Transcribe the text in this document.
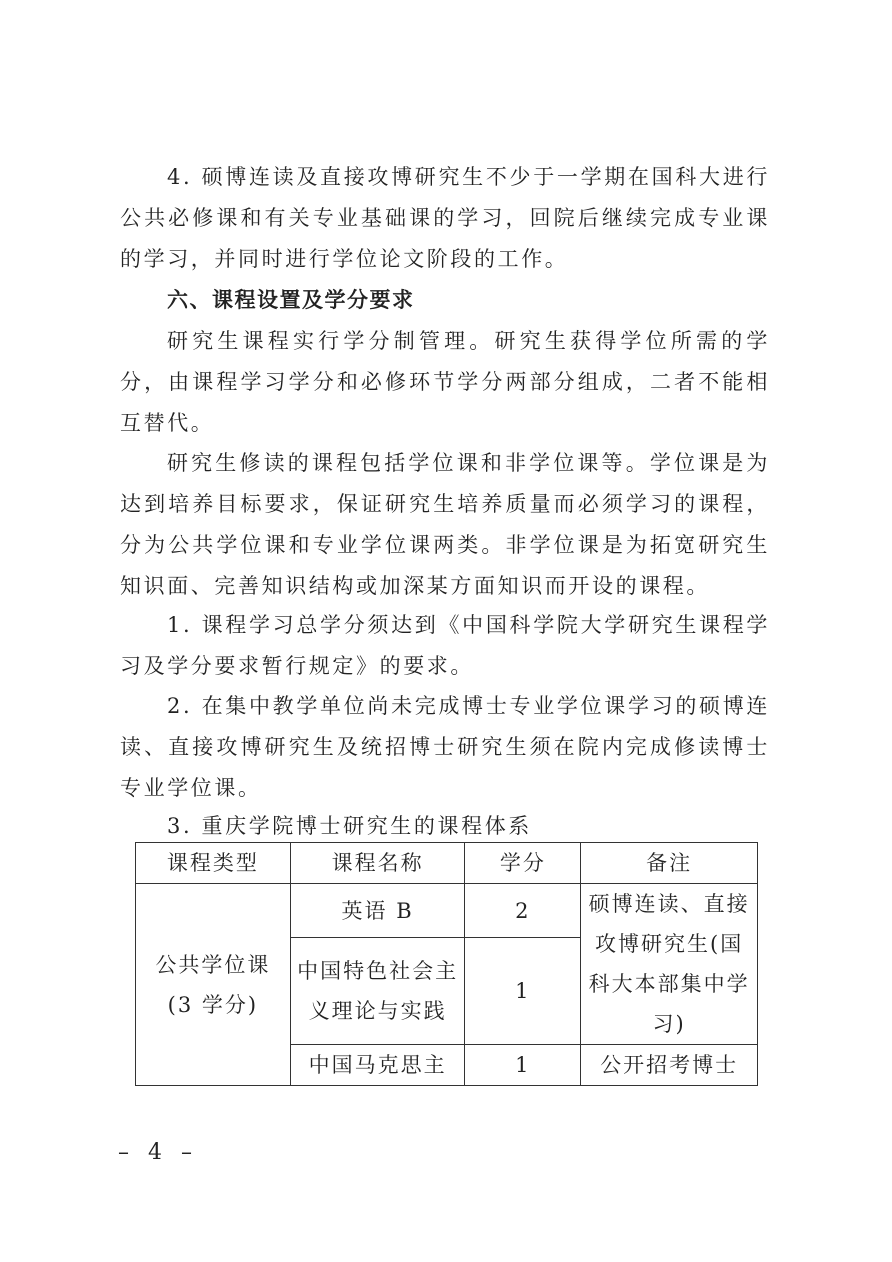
4. 硕博连读及直接攻博研究生不少于一学期在国科大进行公共必修课和有关专业基础课的学习，回院后继续完成专业课的学习，并同时进行学位论文阶段的工作。

六、课程设置及学分要求

研究生课程实行学分制管理。研究生获得学位所需的学分，由课程学习学分和必修环节学分两部分组成，二者不能相互替代。

研究生修读的课程包括学位课和非学位课等。学位课是为达到培养目标要求，保证研究生培养质量而必须学习的课程，分为公共学位课和专业学位课两类。非学位课是为拓宽研究生知识面、完善知识结构或加深某方面知识而开设的课程。

1. 课程学习总学分须达到《中国科学院大学研究生课程学习及学分要求暂行规定》的要求。

2. 在集中教学单位尚未完成博士专业学位课学习的硕博连读、直接攻博研究生及统招博士研究生须在院内完成修读博士专业学位课。

3. 重庆学院博士研究生的课程体系

课程类型	课程名称	学分	备注

公共学位课
(3 学分)	英语 B	2	硕博连读、直接攻博研究生(国科大本部集中学习)
	中国特色社会主义理论与实践	1	
	中国马克思主	1	公开招考博士
– 4 –
